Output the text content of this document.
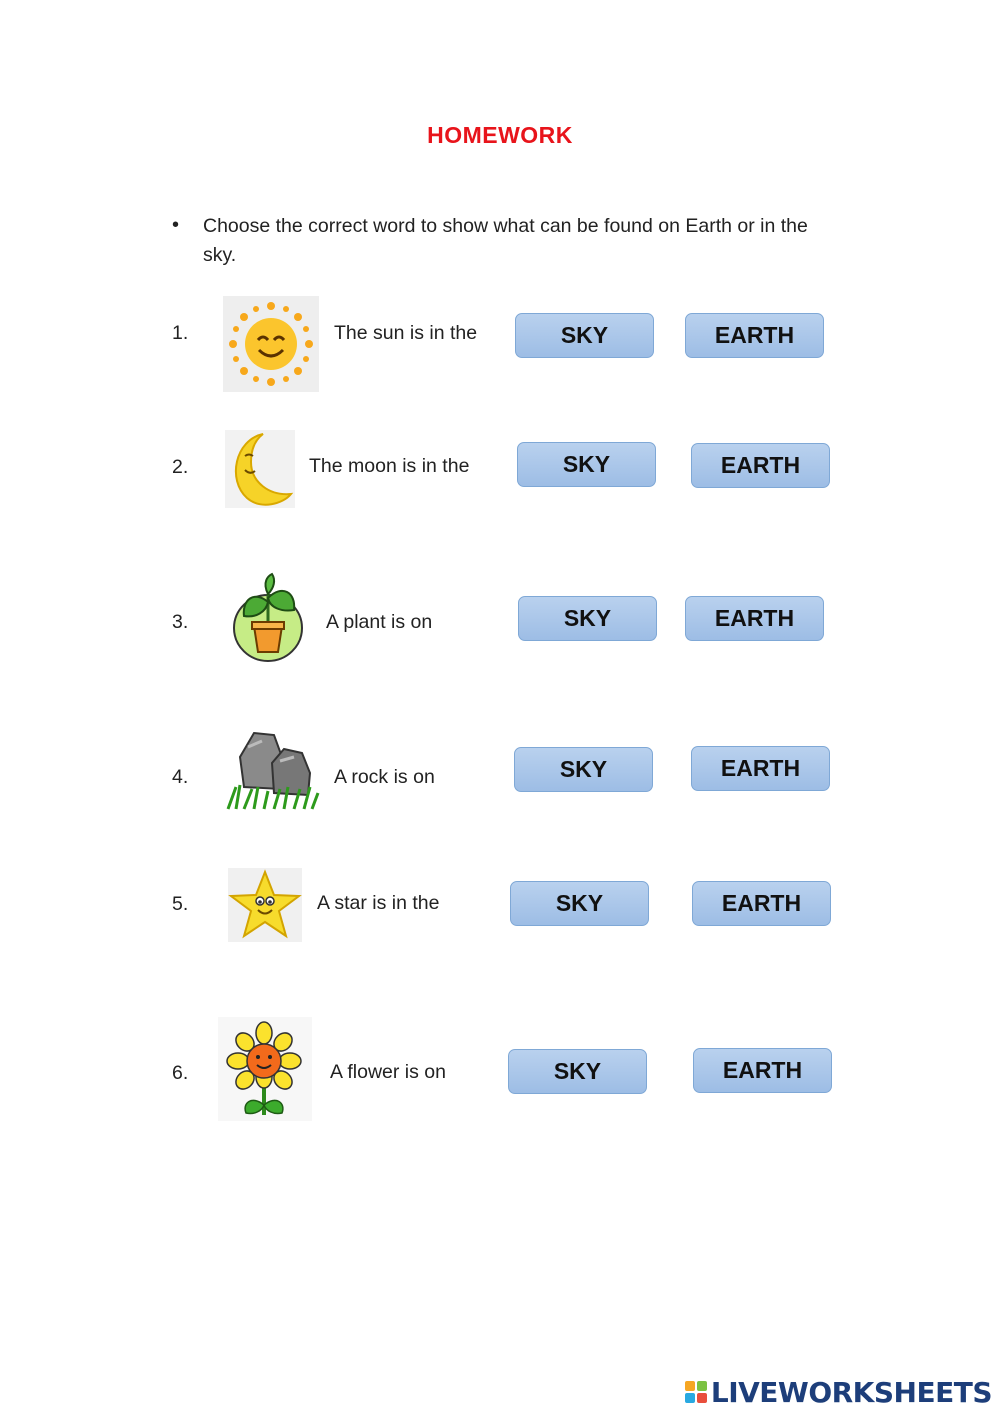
HOMEWORK
• Choose the correct word to show what can be found on Earth or in the sky.
1.	The sun is in the	SKY	EARTH
2.	The moon is in the	SKY	EARTH
3.	A plant is on	SKY	EARTH
4.	A rock is on	SKY	EARTH
5.	A star is in the	SKY	EARTH
6.	A flower is on	SKY	EARTH
LIVEWORKSHEETS
